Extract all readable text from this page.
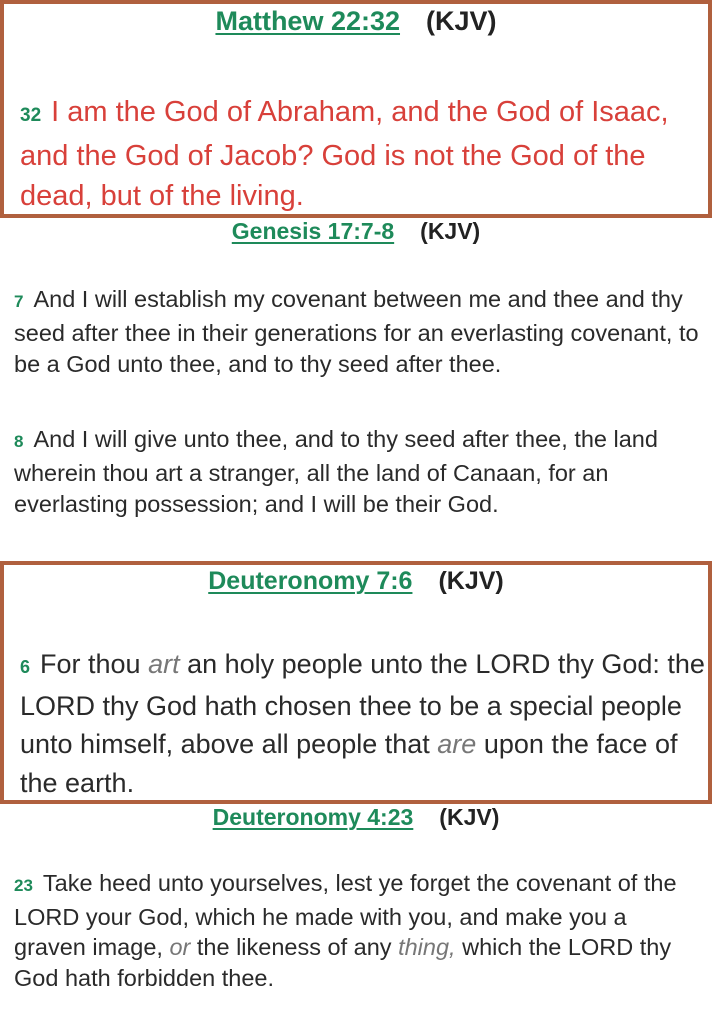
Matthew 22:32 (KJV)

32 I am the God of Abraham, and the God of Isaac, and the God of Jacob? God is not the God of the dead, but of the living.

Genesis 17:7-8 (KJV)

7 And I will establish my covenant between me and thee and thy seed after thee in their generations for an everlasting covenant, to be a God unto thee, and to thy seed after thee.

8 And I will give unto thee, and to thy seed after thee, the land wherein thou art a stranger, all the land of Canaan, for an everlasting possession; and I will be their God.

Deuteronomy 7:6 (KJV)

6 For thou art an holy people unto the LORD thy God: the LORD thy God hath chosen thee to be a special people unto himself, above all people that are upon the face of the earth.

Deuteronomy 4:23 (KJV)

23 Take heed unto yourselves, lest ye forget the covenant of the LORD your God, which he made with you, and make you a graven image, or the likeness of any thing, which the LORD thy God hath forbidden thee.
